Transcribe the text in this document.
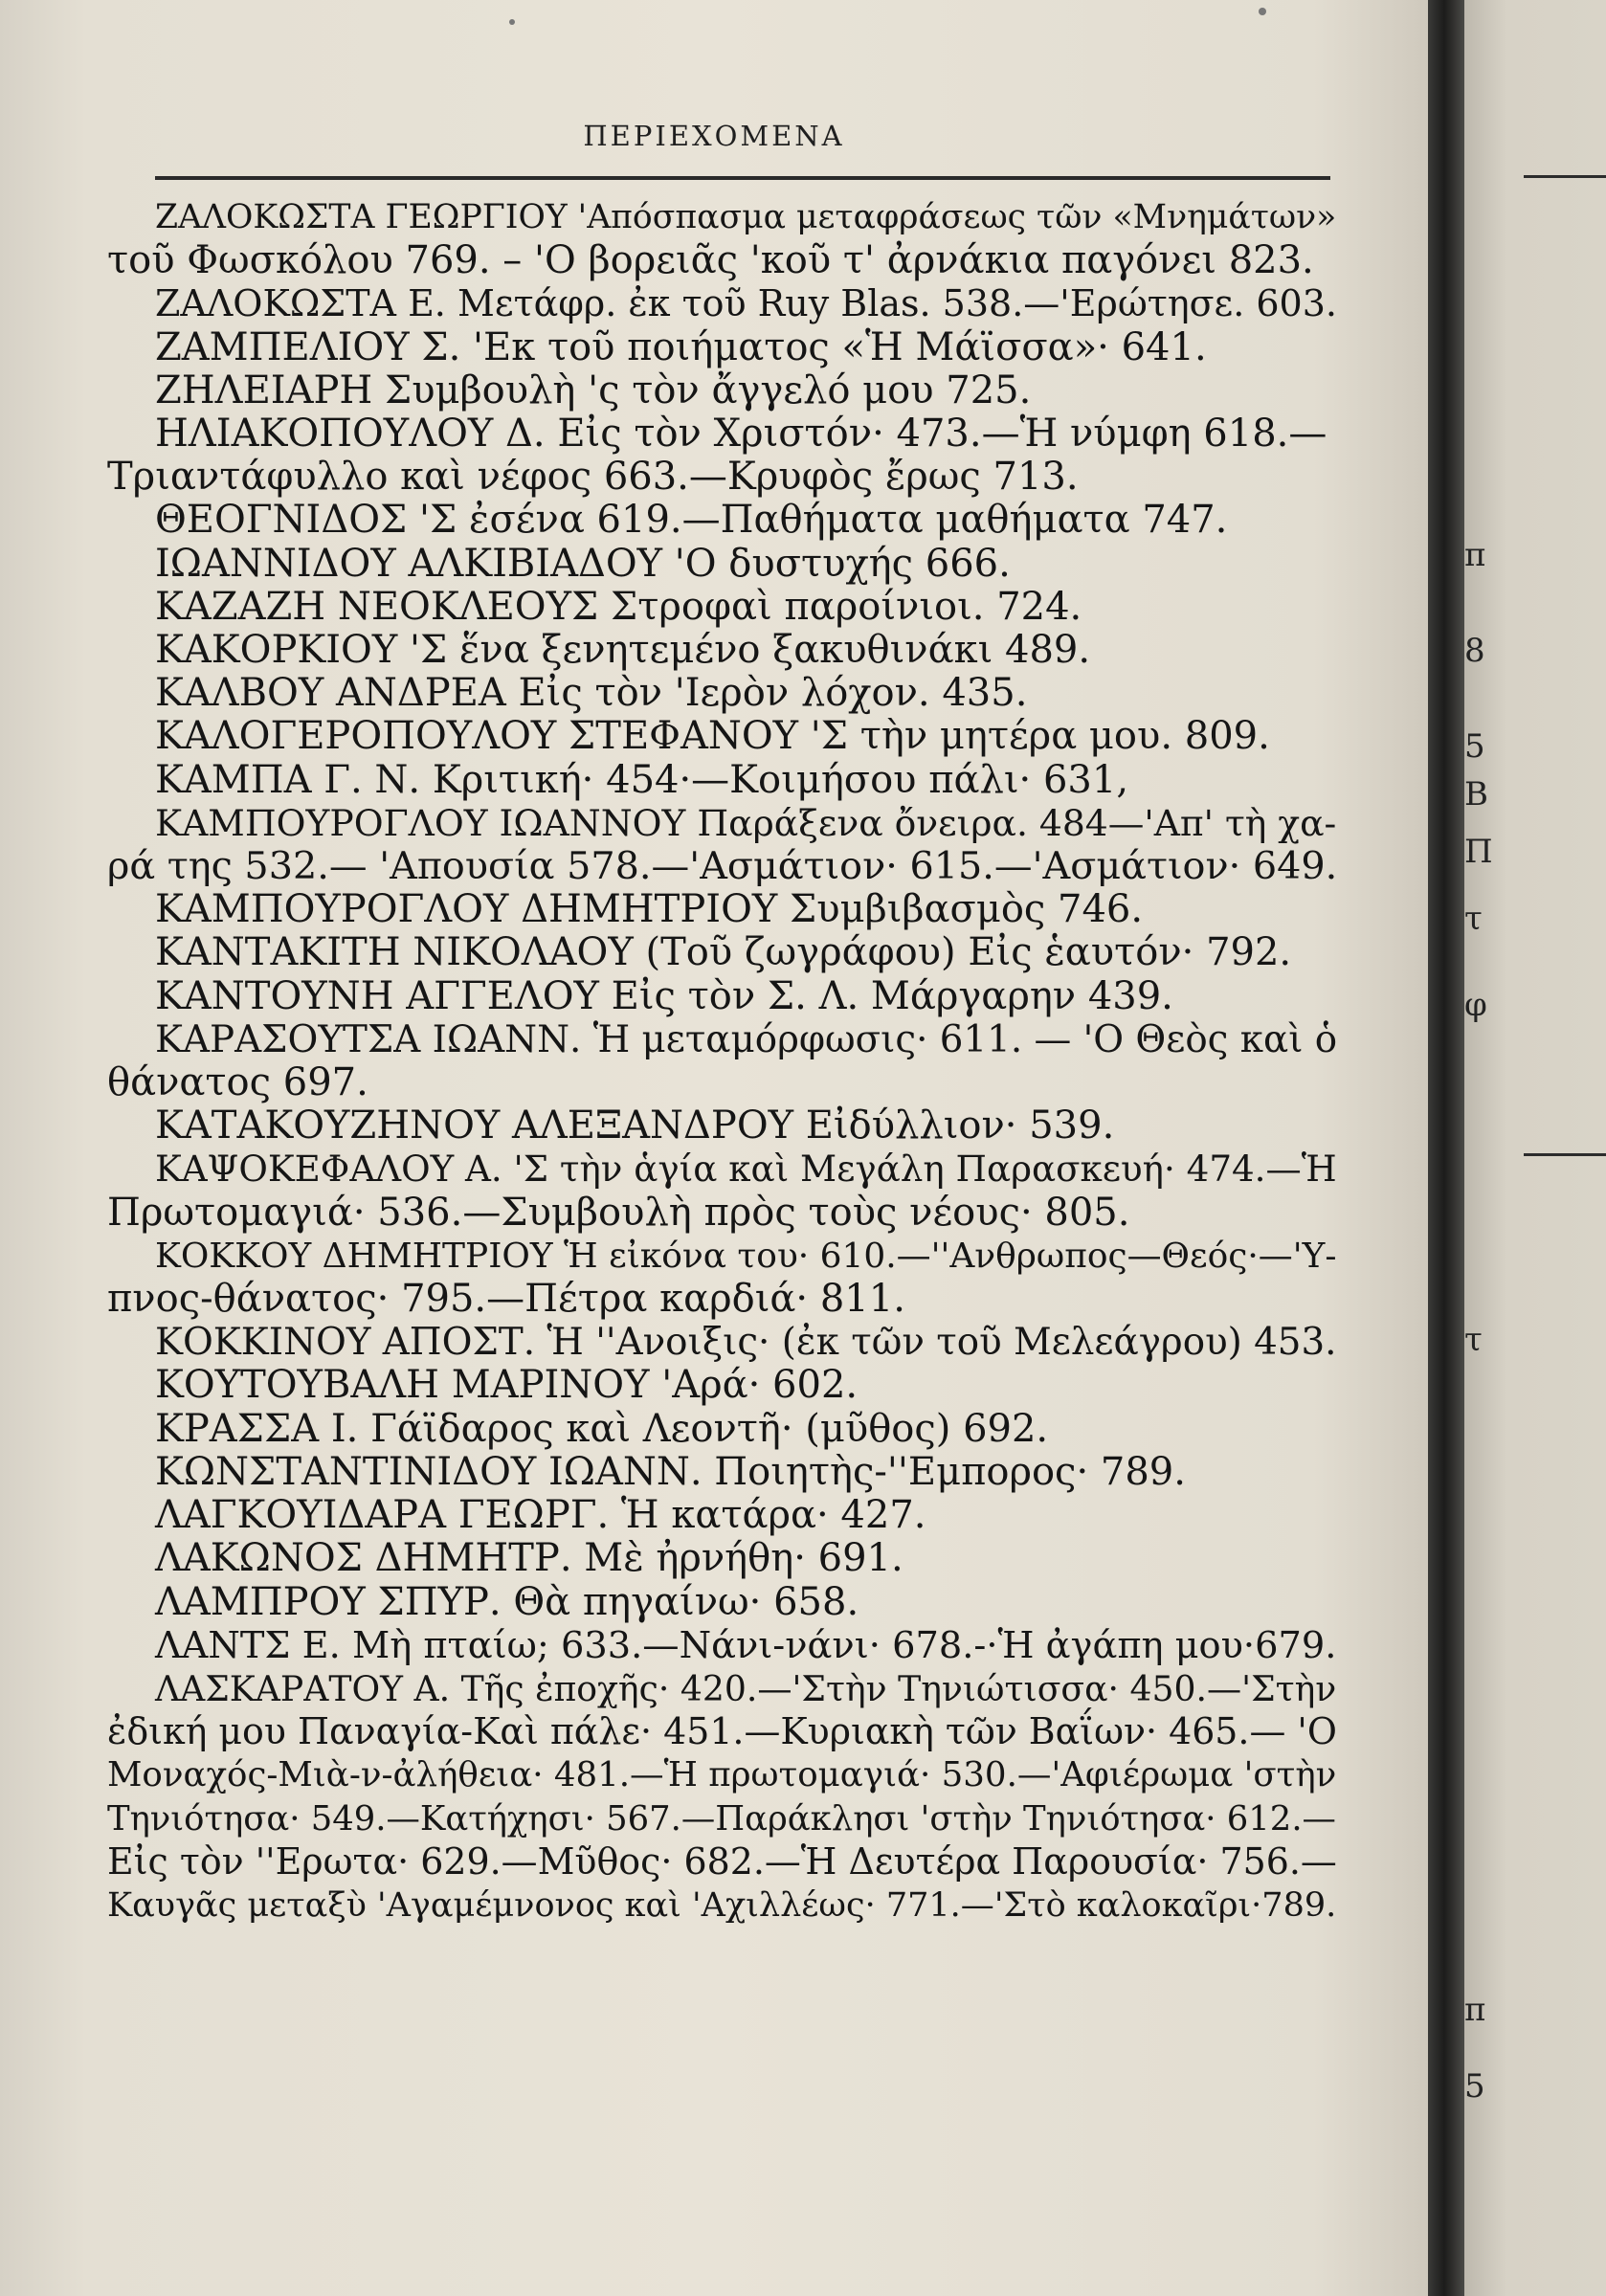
ΠΕΡΙΕΧΟΜΕΝΑ
ΖΑΛΟΚΩΣΤΑ ΓΕΩΡΓΙΟΥ 'Απόσπασμα μεταφράσεως τῶν «Μνημάτων»
τοῦ Φωσκόλου 769. – 'Ο βορειᾶς 'κοῦ τ' ἀρνάκια παγόνει 823.
ΖΑΛΟΚΩΣΤΑ Ε. Μετάφρ. ἐκ τοῦ Ruy Blas. 538.—'Ερώτησε. 603.
ΖΑΜΠΕΛΙΟΥ Σ. 'Εκ τοῦ ποιήματος «Ἡ Μάϊσσα»· 641.
ΖΗΛΕΙΑΡΗ Συμβουλὴ 'ς τὸν ἄγγελό μου 725.
ΗΛΙΑΚΟΠΟΥΛΟΥ Δ. Εἰς τὸν Χριστόν· 473.—Ἡ νύμφη 618.—
Τριαντάφυλλο καὶ νέφος 663.—Κρυφὸς ἔρως 713.
ΘΕΟΓΝΙΔΟΣ 'Σ ἐσένα 619.—Παθήματα μαθήματα 747.
ΙΩΑΝΝΙΔΟΥ ΑΛΚΙΒΙΑΔΟΥ 'Ο δυστυχής 666.
ΚΑΖΑΖΗ ΝΕΟΚΛΕΟΥΣ Στροφαὶ παροίνιοι. 724.
ΚΑΚΟΡΚΙΟΥ 'Σ ἕνα ξενητεμένο ξακυθινάκι 489.
ΚΑΛΒΟΥ ΑΝΔΡΕΑ Εἰς τὸν 'Ιερὸν λόχον. 435.
ΚΑΛΟΓΕΡΟΠΟΥΛΟΥ ΣΤΕΦΑΝΟΥ 'Σ τὴν μητέρα μου. 809.
ΚΑΜΠΑ Γ. Ν. Κριτική· 454·—Κοιμήσου πάλι· 631,
ΚΑΜΠΟΥΡΟΓΛΟΥ ΙΩΑΝΝΟΥ Παράξενα ὄνειρα. 484—'Απ' τὴ χα-
ρά της 532.— 'Απουσία 578.—'Ασμάτιον· 615.—'Ασμάτιον· 649.
ΚΑΜΠΟΥΡΟΓΛΟΥ ΔΗΜΗΤΡΙΟΥ Συμβιβασμὸς 746.
ΚΑΝΤΑΚΙΤΗ ΝΙΚΟΛΑΟΥ (Τοῦ ζωγράφου) Εἰς ἑαυτόν· 792.
ΚΑΝΤΟΥΝΗ ΑΓΓΕΛΟΥ Εἰς τὸν Σ. Λ. Μάργαρην 439.
ΚΑΡΑΣΟΥΤΣΑ ΙΩΑΝΝ. Ἡ μεταμόρφωσις· 611. — 'Ο Θεὸς καὶ ὁ
θάνατος 697.
ΚΑΤΑΚΟΥΖΗΝΟΥ ΑΛΕΞΑΝΔΡΟΥ Εἰδύλλιον· 539.
ΚΑΨΟΚΕΦΑΛΟΥ Α. 'Σ τὴν ἁγία καὶ Μεγάλη Παρασκευή· 474.—Ἡ
Πρωτομαγιά· 536.—Συμβουλὴ πρὸς τοὺς νέους· 805.
ΚΟΚΚΟΥ ΔΗΜΗΤΡΙΟΥ Ἡ εἰκόνα του· 610.—''Ανθρωπος—Θεός·—'Υ-
πνος-θάνατος· 795.—Πέτρα καρδιά· 811.
ΚΟΚΚΙΝΟΥ ΑΠΟΣΤ. Ἡ ''Ανοιξις· (ἐκ τῶν τοῦ Μελεάγρου) 453.
ΚΟΥΤΟΥΒΑΛΗ ΜΑΡΙΝΟΥ 'Αρά· 602.
ΚΡΑΣΣΑ Ι. Γάϊδαρος καὶ Λεοντῆ· (μῦθος) 692.
ΚΩΝΣΤΑΝΤΙΝΙΔΟΥ ΙΩΑΝΝ. Ποιητὴς-''Εμπορος· 789.
ΛΑΓΚΟΥΙΔΑΡΑ ΓΕΩΡΓ. Ἡ κατάρα· 427.
ΛΑΚΩΝΟΣ ΔΗΜΗΤΡ. Μὲ ἠρνήθη· 691.
ΛΑΜΠΡΟΥ ΣΠΥΡ. Θὰ πηγαίνω· 658.
ΛΑΝΤΣ Ε. Μὴ πταίω; 633.—Νάνι-νάνι· 678.-·Ἡ ἀγάπη μου·679.
ΛΑΣΚΑΡΑΤΟΥ Α. Τῆς ἐποχῆς· 420.—'Στὴν Τηνιώτισσα· 450.—'Στὴν
ἐδική μου Παναγία-Καὶ πάλε· 451.—Κυριακὴ τῶν Βαΐων· 465.— 'Ο
Μοναχός-Μιὰ-ν-ἀλήθεια· 481.—Ἡ πρωτομαγιά· 530.—'Αφιέρωμα 'στὴν
Τηνιότησα· 549.—Κατήχησι· 567.—Παράκλησι 'στὴν Τηνιότησα· 612.—
Εἰς τὸν ''Ερωτα· 629.—Μῦθος· 682.—Ἡ Δευτέρα Παρουσία· 756.—
Καυγᾶς μεταξὺ 'Αγαμέμνονος καὶ 'Αχιλλέως· 771.—'Στὸ καλοκαῖρι·789.
π
8
5
Β
Π
τ
φ
τ
π
5
